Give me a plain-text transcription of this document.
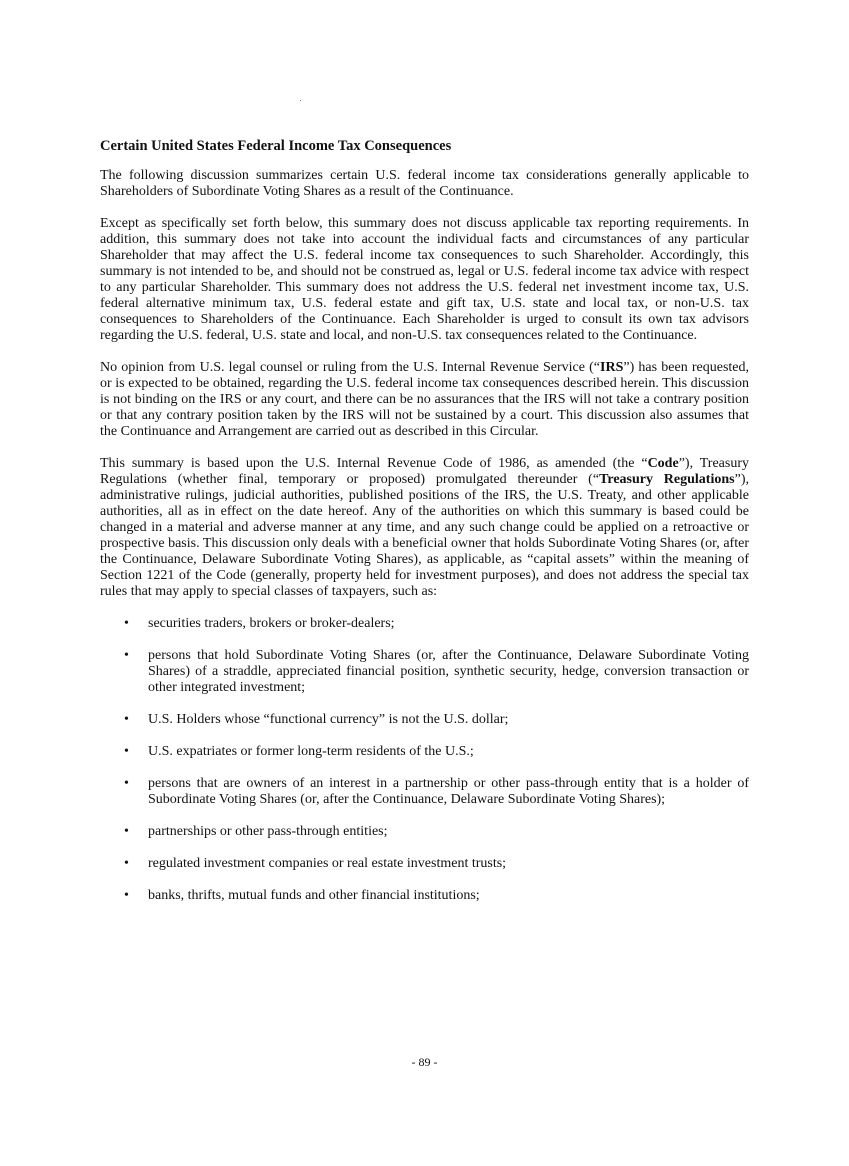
Certain United States Federal Income Tax Consequences

The following discussion summarizes certain U.S. federal income tax considerations generally applicable to Shareholders of Subordinate Voting Shares as a result of the Continuance.

Except as specifically set forth below, this summary does not discuss applicable tax reporting requirements. In addition, this summary does not take into account the individual facts and circumstances of any particular Shareholder that may affect the U.S. federal income tax consequences to such Shareholder. Accordingly, this summary is not intended to be, and should not be construed as, legal or U.S. federal income tax advice with respect to any particular Shareholder. This summary does not address the U.S. federal net investment income tax, U.S. federal alternative minimum tax, U.S. federal estate and gift tax, U.S. state and local tax, or non-U.S. tax consequences to Shareholders of the Continuance. Each Shareholder is urged to consult its own tax advisors regarding the U.S. federal, U.S. state and local, and non-U.S. tax consequences related to the Continuance.

No opinion from U.S. legal counsel or ruling from the U.S. Internal Revenue Service (“IRS”) has been requested, or is expected to be obtained, regarding the U.S. federal income tax consequences described herein. This discussion is not binding on the IRS or any court, and there can be no assurances that the IRS will not take a contrary position or that any contrary position taken by the IRS will not be sustained by a court. This discussion also assumes that the Continuance and Arrangement are carried out as described in this Circular.

This summary is based upon the U.S. Internal Revenue Code of 1986, as amended (the “Code”), Treasury Regulations (whether final, temporary or proposed) promulgated thereunder (“Treasury Regulations”), administrative rulings, judicial authorities, published positions of the IRS, the U.S. Treaty, and other applicable authorities, all as in effect on the date hereof. Any of the authorities on which this summary is based could be changed in a material and adverse manner at any time, and any such change could be applied on a retroactive or prospective basis. This discussion only deals with a beneficial owner that holds Subordinate Voting Shares (or, after the Continuance, Delaware Subordinate Voting Shares), as applicable, as “capital assets” within the meaning of Section 1221 of the Code (generally, property held for investment purposes), and does not address the special tax rules that may apply to special classes of taxpayers, such as:

• securities traders, brokers or broker-dealers;
• persons that hold Subordinate Voting Shares (or, after the Continuance, Delaware Subordinate Voting Shares) of a straddle, appreciated financial position, synthetic security, hedge, conversion transaction or other integrated investment;
• U.S. Holders whose “functional currency” is not the U.S. dollar;
• U.S. expatriates or former long-term residents of the U.S.;
• persons that are owners of an interest in a partnership or other pass-through entity that is a holder of Subordinate Voting Shares (or, after the Continuance, Delaware Subordinate Voting Shares);
• partnerships or other pass-through entities;
• regulated investment companies or real estate investment trusts;
• banks, thrifts, mutual funds and other financial institutions;
- 89 -
